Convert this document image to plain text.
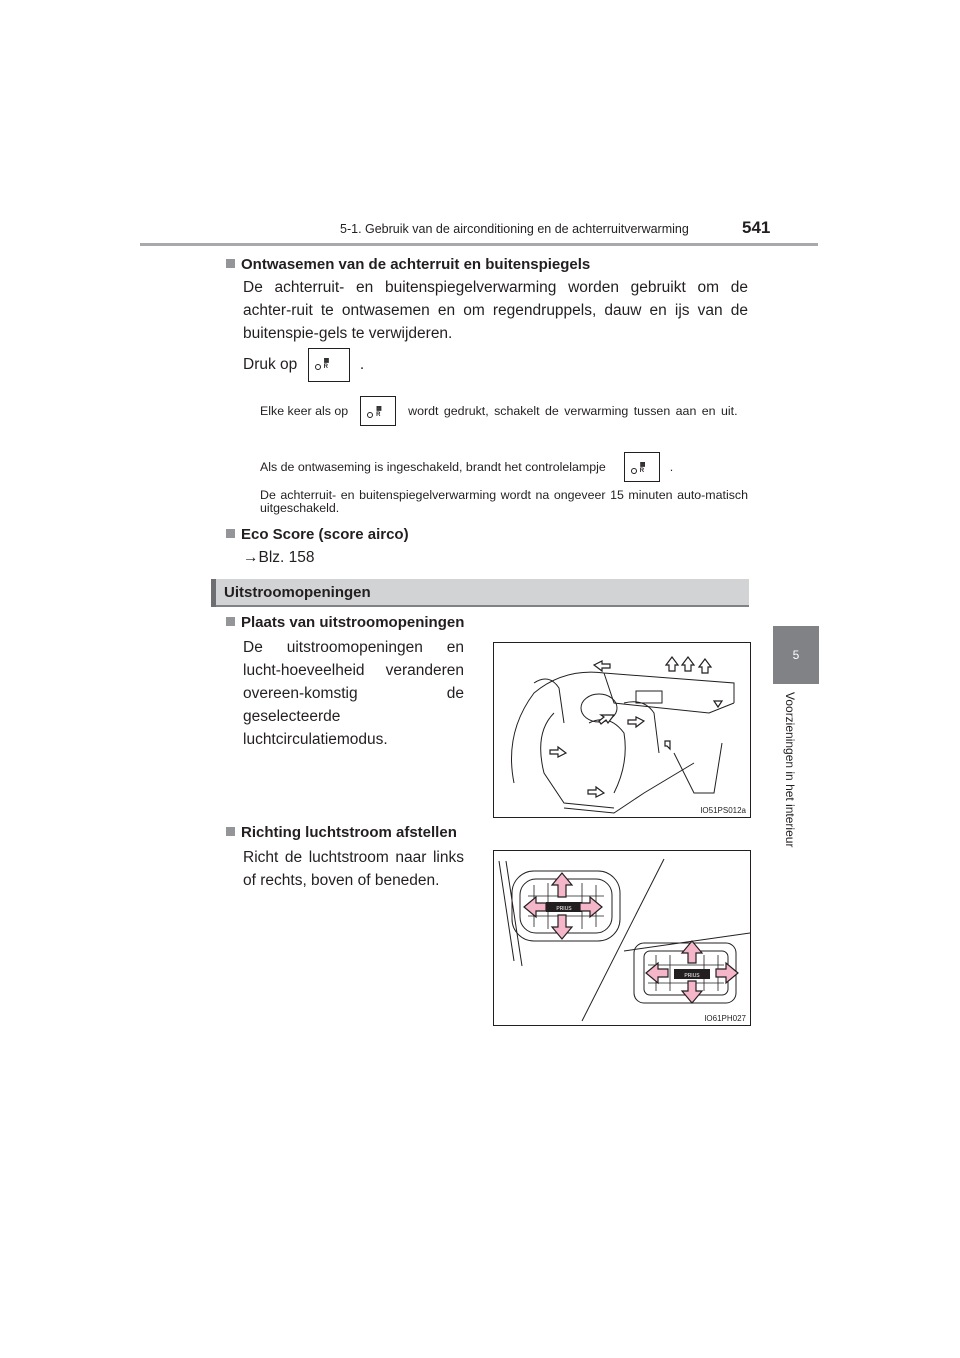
5-1. Gebruik van de airconditioning en de achterruitverwarming	541
5
Voorzieningen in het interieur
Ontwasemen van de achterruit en buitenspiegels
De achterruit- en buitenspiegelverwarming worden gebruikt om de achter-ruit te ontwasemen en om regendruppels, dauw en ijs van de buitenspie-gels te verwijderen.
Druk op	▦
R .
Elke keer als op	▦
R wordt gedrukt, schakelt de verwarming tussen aan en uit.
Als de ontwaseming is ingeschakeld, brandt het controlelampje	▦
R .
De achterruit- en buitenspiegelverwarming wordt na ongeveer 15 minuten auto-matisch uitgeschakeld.
Eco Score (score airco)
→Blz. 158
Uitstroomopeningen
Plaats van uitstroomopeningen
De uitstroomopeningen en lucht-hoeveelheid veranderen overeen-komstig de geselecteerde luchtcirculatiemodus.
IO51PS012a
Richting luchtstroom afstellen
Richt de luchtstroom naar links of rechts, boven of beneden.
PRIUS
PRIUS
IO61PH027
